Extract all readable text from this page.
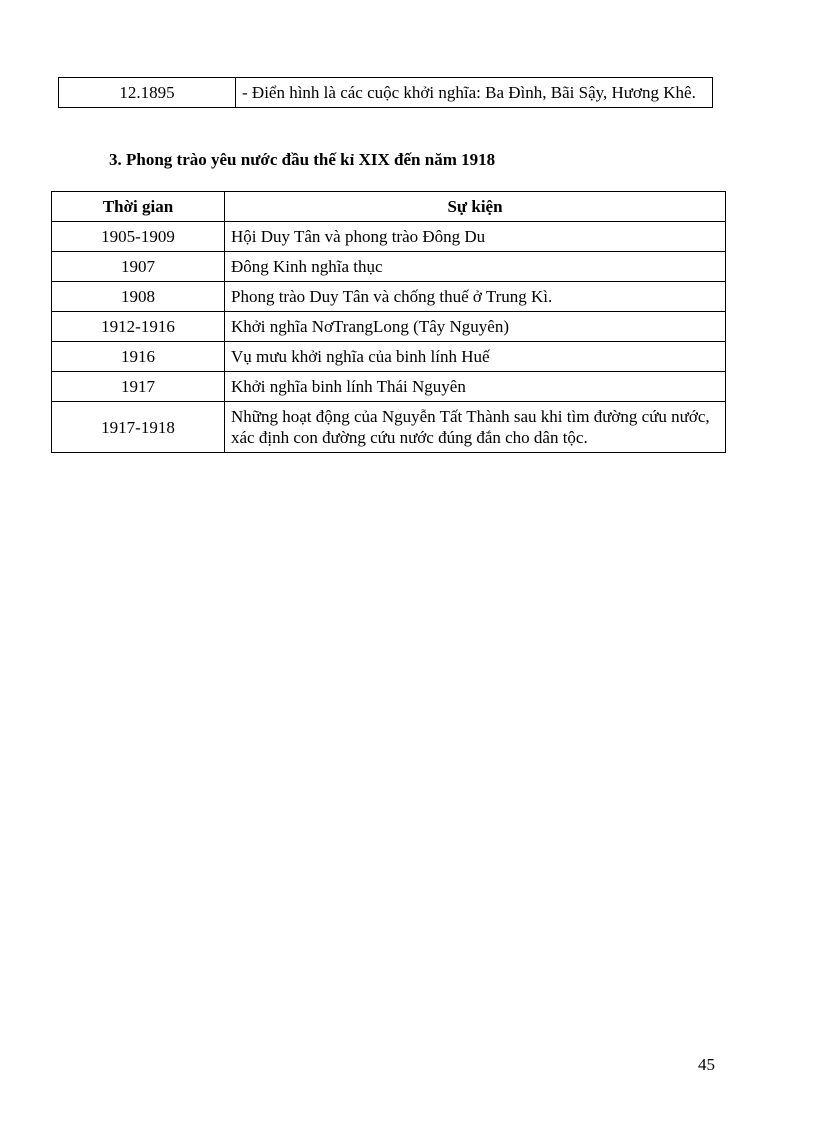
12.1895	- Điển hình là các cuộc khởi nghĩa: Ba Đình, Bãi Sậy, Hương Khê.
3. Phong trào yêu nước đầu thế kỉ XIX đến năm 1918
Thời gian	Sự kiện
1905-1909	Hội Duy Tân và phong trào Đông Du
1907	Đông Kinh nghĩa thục
1908	Phong trào Duy Tân và chống thuế ở Trung Kì.
1912-1916	Khởi nghĩa NơTrangLong (Tây Nguyên)
1916	Vụ mưu khởi nghĩa của binh lính Huế
1917	Khởi nghĩa binh lính Thái Nguyên
1917-1918	Những hoạt động của Nguyễn Tất Thành sau khi tìm đường cứu nước, xác định con đường cứu nước đúng đắn cho dân tộc.
45
